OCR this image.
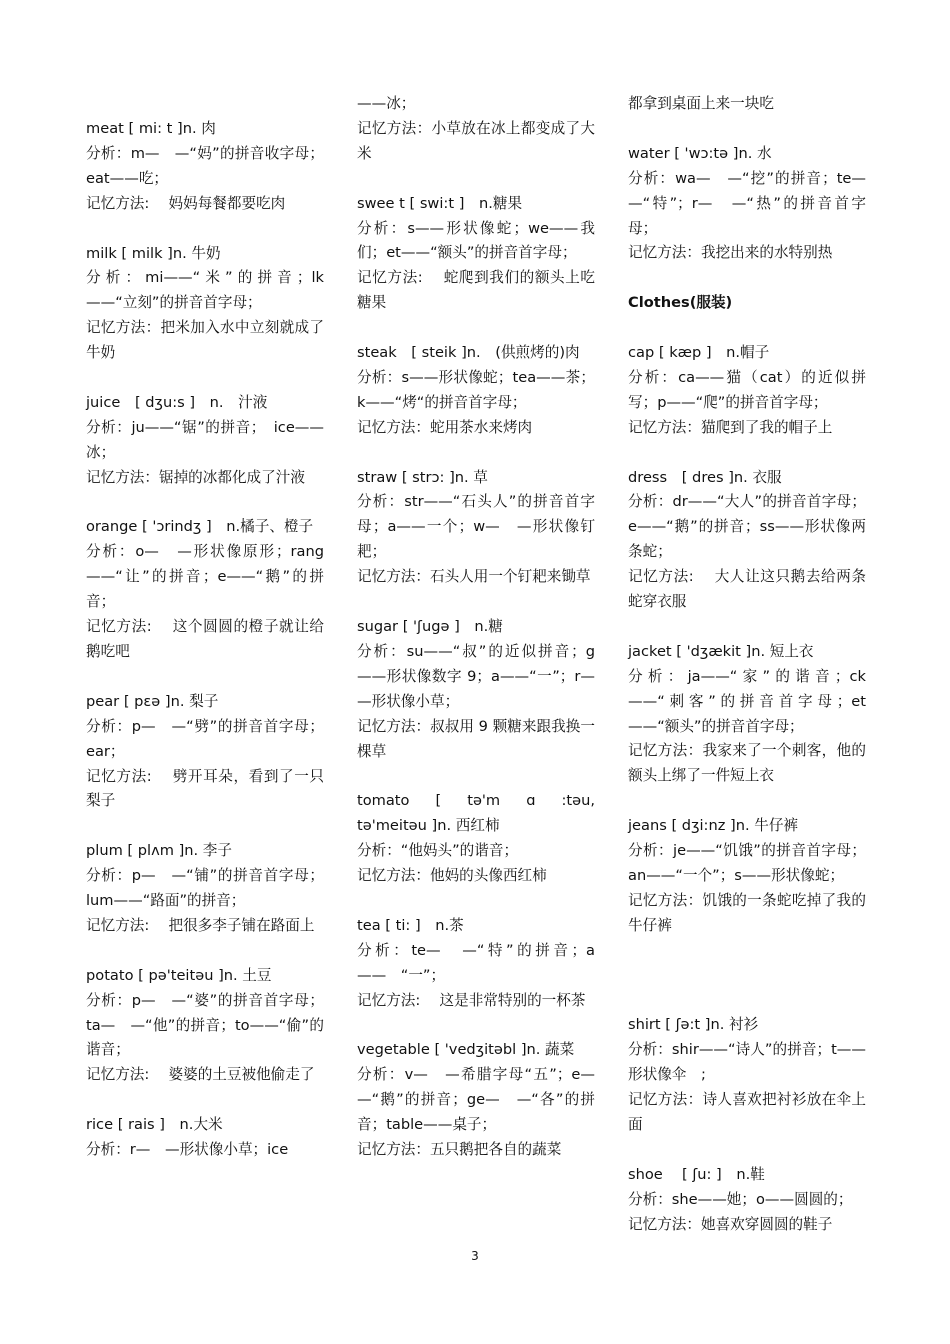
meat [ mi: t ]n. 肉
分析：m—　—“妈”的拼音收字母；eat——吃；
记忆方法:　 妈妈每餐都要吃肉
milk [ milk ]n. 牛奶
分析：mi——“米”的拼音；lk——“立刻”的拼音首字母；
记忆方法：把米加入水中立刻就成了牛奶
juice　[ dʒu:s ]　n.　汁液
分析：ju——“锯”的拼音；　ice——冰；
记忆方法：锯掉的冰都化成了汁液
orange [ 'ɔrindʒ ]　n.橘子、橙子
分析：o—　—形状像原形；rang——“让”的拼音；e——“鹅”的拼音；
记忆方法:　 这个圆圆的橙子就让给鹅吃吧
pear [ pɛə ]n. 梨子
分析：p—　—“劈”的拼音首字母；ear；
记忆方法:　 劈开耳朵，看到了一只梨子
plum [ plʌm ]n. 李子
分析：p—　—“铺”的拼音首字母；lum——“路面”的拼音；
记忆方法:　 把很多李子铺在路面上
potato [ pə'teitəu ]n. 土豆
分析：p—　—“婆”的拼音首字母；ta—　—“他”的拼音；to——“偷”的谐音；
记忆方法:　 婆婆的土豆被他偷走了
rice [ rais ]　n.大米
分析：r—　—形状像小草；ice
——冰；
记忆方法：小草放在冰上都变成了大米
swee t [ swi:t ]　n.糖果
分析：s——形状像蛇；we——我们；et——“额头”的拼音首字母；
记忆方法:　 蛇爬到我们的额头上吃糖果
steak　[ steik ]n.　(供煎烤的)肉
分析：s——形状像蛇；tea——茶；k——“烤“的拼音首字母；
记忆方法：蛇用茶水来烤肉
straw [ strɔ: ]n. 草
分析：str——“石头人”的拼音首字母；a——一个；w—　—形状像钉耙；
记忆方法：石头人用一个钉耙来锄草
sugar [ 'ʃugə ]　n.糖
分析：su——“叔”的近似拼音；g——形状像数字 9；a——“一”；r—　—形状像小草；
记忆方法：叔叔用 9 颗糖来跟我换一棵草
tomato　[　tə'm　ɑ　:təu, tə'meitəu ]n. 西红柿
分析：“他妈头”的谐音；
记忆方法：他妈的头像西红柿
tea [ ti: ]　n.茶
分析：te—　—“特”的拼音；a——　“一”；
记忆方法:　 这是非常特别的一杯茶
vegetable [ 'vedʒitəbl ]n. 蔬菜
分析：v—　—希腊字母“五”；e—　—“鹅”的拼音；ge—　—“各”的拼音；table——桌子；
记忆方法：五只鹅把各自的蔬菜
都拿到桌面上来一块吃
water [ 'wɔ:tə ]n. 水
分析：wa—　—“挖”的拼音；te—　—“特”；r—　—“热”的拼音首字母；
记忆方法：我挖出来的水特别热
Clothes(服装)
cap [ kæp ]　n.帽子
分析：ca——猫（cat）的近似拼写；p——“爬”的拼音首字母；
记忆方法：猫爬到了我的帽子上
dress　[ dres ]n. 衣服
分析：dr——“大人”的拼音首字母；e——“鹅”的拼音；ss——形状像两条蛇；
记忆方法:　 大人让这只鹅去给两条蛇穿衣服
jacket [ 'dʒækit ]n. 短上衣
分析：ja——“家”的谐音；ck——“刺客”的拼音首字母；et——“额头”的拼音首字母；
记忆方法：我家来了一个刺客，他的额头上绑了一件短上衣
jeans [ dʒi:nz ]n. 牛仔裤
分析：je——“饥饿”的拼音首字母；an——“一个”；s——形状像蛇；
记忆方法：饥饿的一条蛇吃掉了我的牛仔裤
shirt [ ʃə:t ]n. 衬衫
分析：shir——“诗人”的拼音；t——形状像伞　;
记忆方法：诗人喜欢把衬衫放在伞上面
shoe　 [ ʃu: ]　n.鞋
分析：she——她；o——圆圆的；
记忆方法：她喜欢穿圆圆的鞋子
3
